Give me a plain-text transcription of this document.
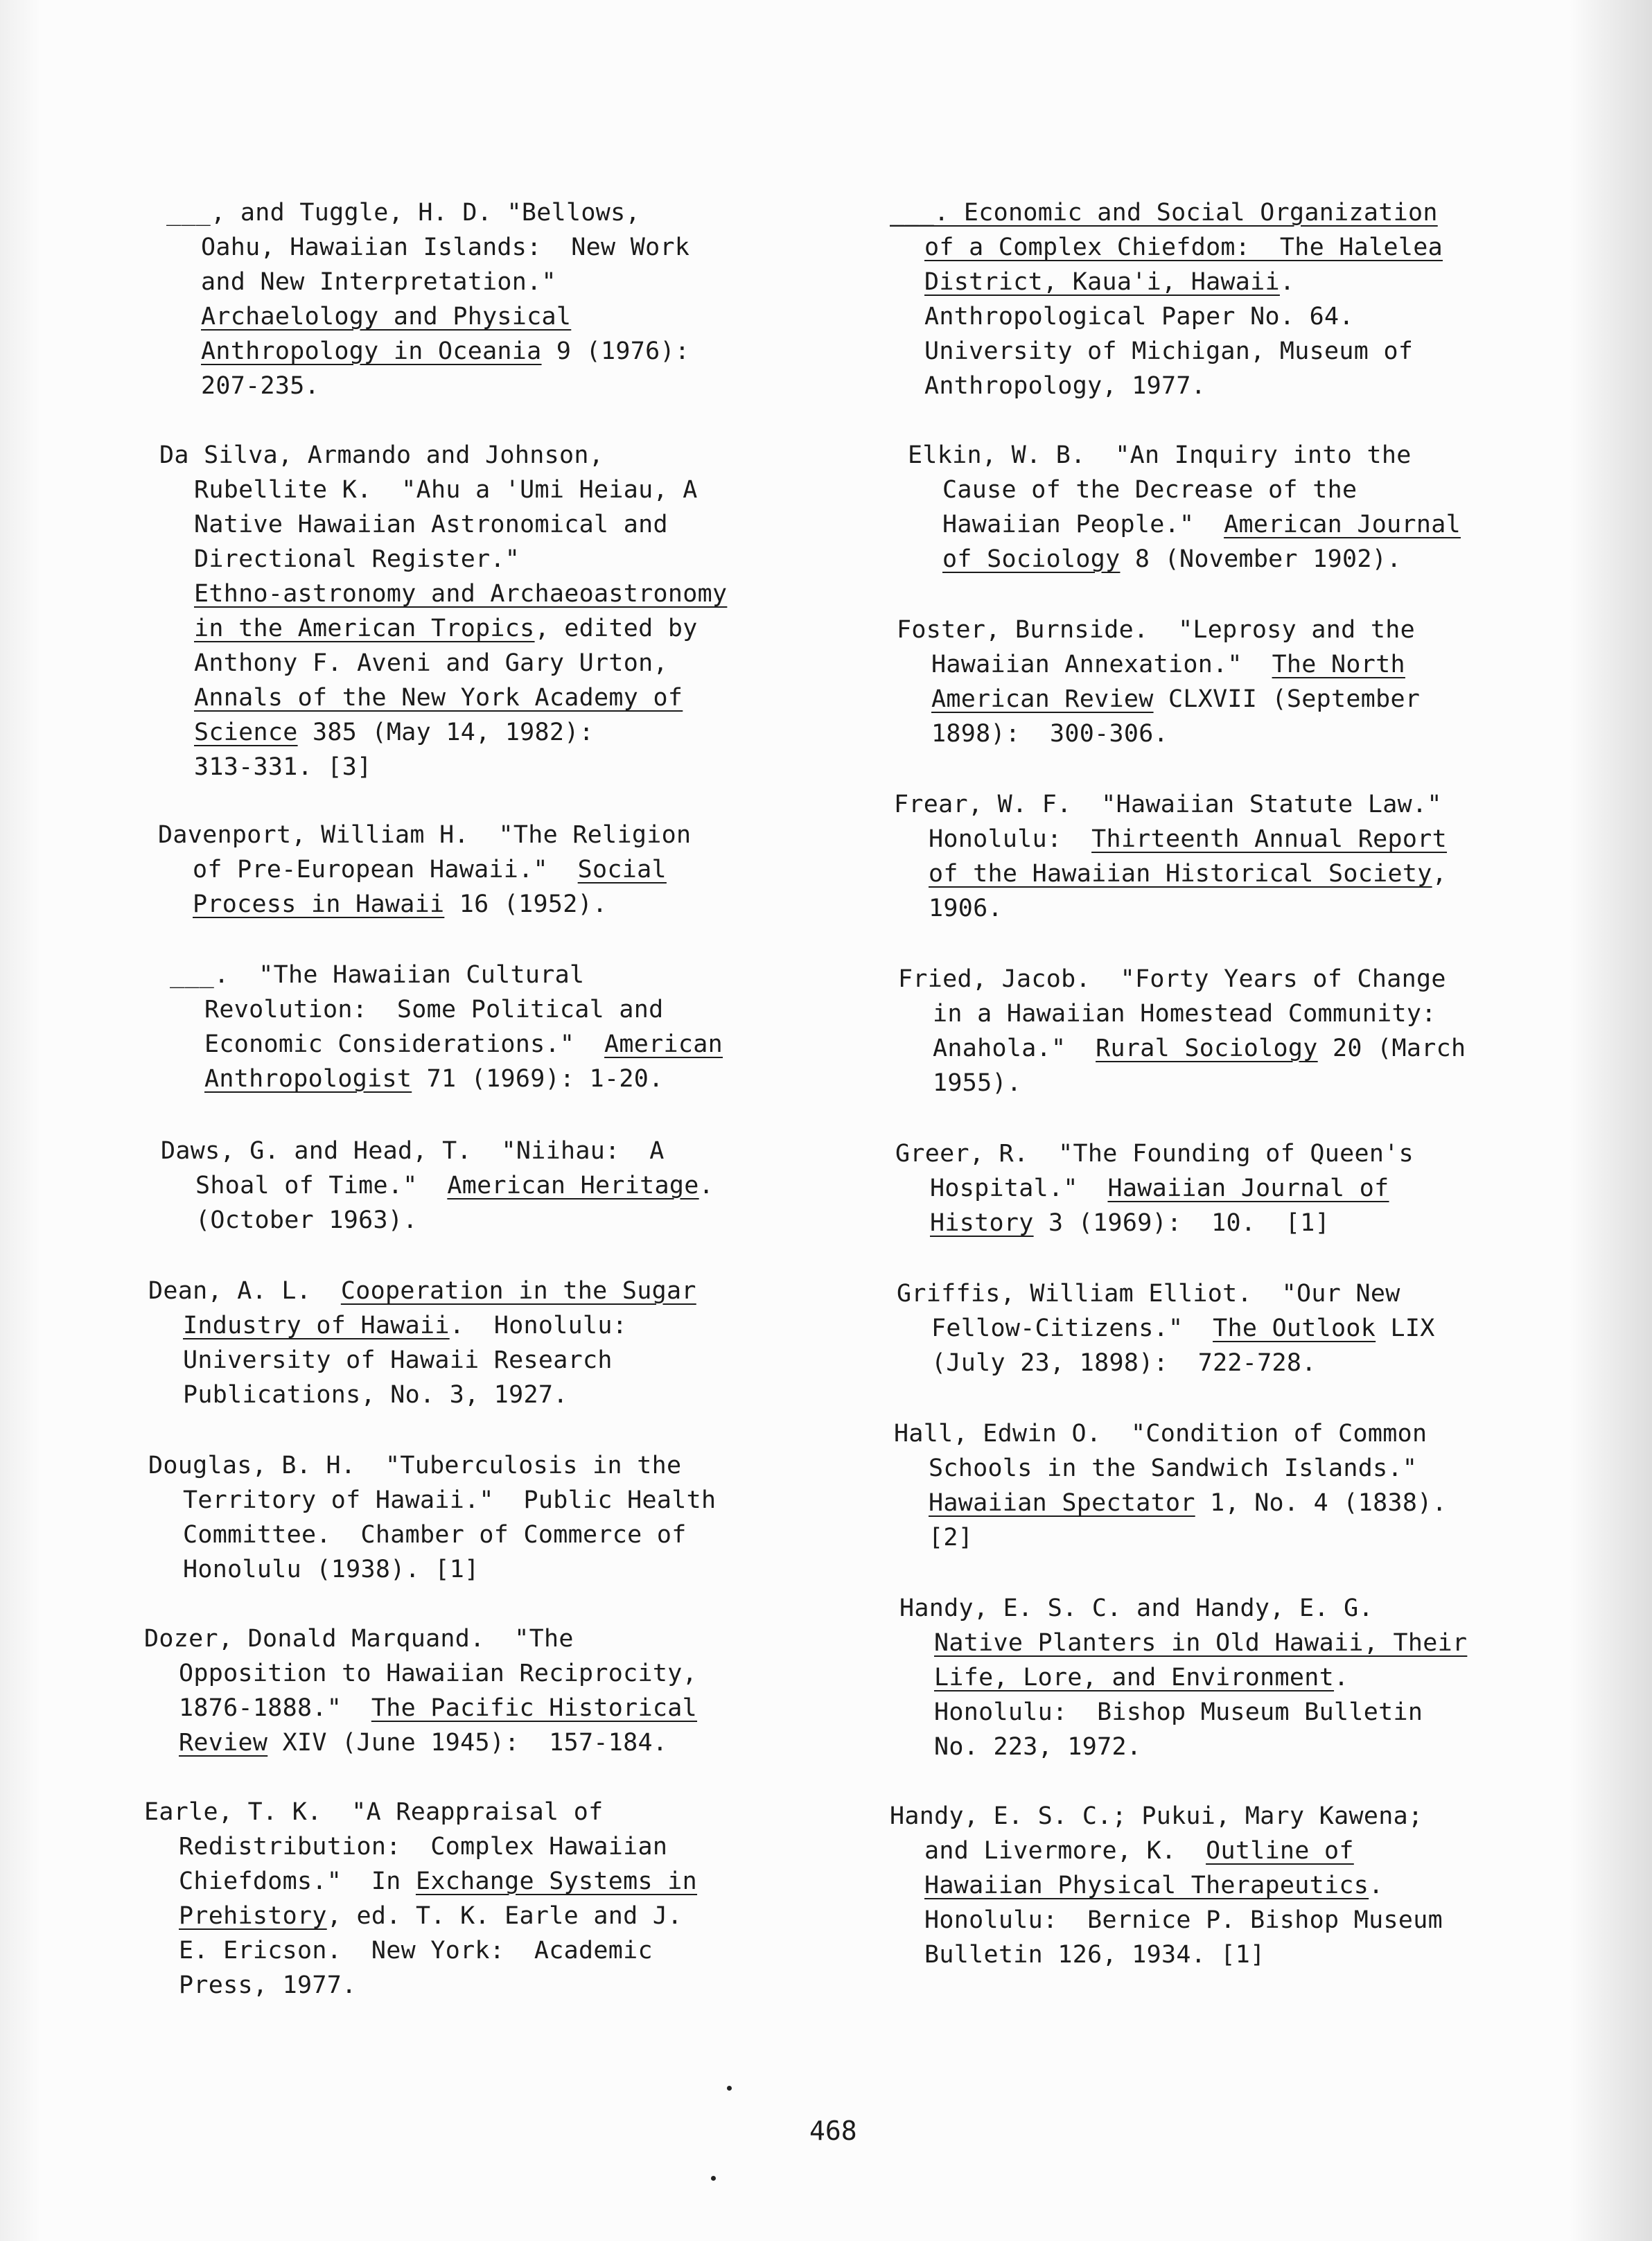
___, and Tuggle, H. D. "Bellows,
Oahu, Hawaiian Islands:  New Work
and New Interpretation."
Archaelology and Physical
Anthropology in Oceania 9 (1976):
207-235.
Da Silva, Armando and Johnson,
Rubellite K.  "Ahu a 'Umi Heiau, A
Native Hawaiian Astronomical and
Directional Register."
Ethno-astronomy and Archaeoastronomy
in the American Tropics, edited by
Anthony F. Aveni and Gary Urton,
Annals of the New York Academy of
Science 385 (May 14, 1982):
313-331. [3]
Davenport, William H.  "The Religion
of Pre-European Hawaii."  Social
Process in Hawaii 16 (1952).
___.  "The Hawaiian Cultural
Revolution:  Some Political and
Economic Considerations."  American
Anthropologist 71 (1969): 1-20.
Daws, G. and Head, T.  "Niihau:  A
Shoal of Time."  American Heritage.
(October 1963).
Dean, A. L.  Cooperation in the Sugar
Industry of Hawaii.  Honolulu:
University of Hawaii Research
Publications, No. 3, 1927.
Douglas, B. H.  "Tuberculosis in the
Territory of Hawaii."  Public Health
Committee.  Chamber of Commerce of
Honolulu (1938). [1]
Dozer, Donald Marquand.  "The
Opposition to Hawaiian Reciprocity,
1876-1888."  The Pacific Historical
Review XIV (June 1945):  157-184.
Earle, T. K.  "A Reappraisal of
Redistribution:  Complex Hawaiian
Chiefdoms."  In Exchange Systems in
Prehistory, ed. T. K. Earle and J.
E. Ericson.  New York:  Academic
Press, 1977.
___. Economic and Social Organization
of a Complex Chiefdom:  The Halelea
District, Kaua'i, Hawaii.
Anthropological Paper No. 64.
University of Michigan, Museum of
Anthropology, 1977.
Elkin, W. B.  "An Inquiry into the
Cause of the Decrease of the
Hawaiian People."  American Journal
of Sociology 8 (November 1902).
Foster, Burnside.  "Leprosy and the
Hawaiian Annexation."  The North
American Review CLXVII (September
1898):  300-306.
Frear, W. F.  "Hawaiian Statute Law."
Honolulu:  Thirteenth Annual Report
of the Hawaiian Historical Society,
1906.
Fried, Jacob.  "Forty Years of Change
in a Hawaiian Homestead Community:
Anahola."  Rural Sociology 20 (March
1955).
Greer, R.  "The Founding of Queen's
Hospital."  Hawaiian Journal of
History 3 (1969):  10.  [1]
Griffis, William Elliot.  "Our New
Fellow-Citizens."  The Outlook LIX
(July 23, 1898):  722-728.
Hall, Edwin O.  "Condition of Common
Schools in the Sandwich Islands."
Hawaiian Spectator 1, No. 4 (1838).
[2]
Handy, E. S. C. and Handy, E. G.
Native Planters in Old Hawaii, Their
Life, Lore, and Environment.
Honolulu:  Bishop Museum Bulletin
No. 223, 1972.
Handy, E. S. C.; Pukui, Mary Kawena;
and Livermore, K.  Outline of
Hawaiian Physical Therapeutics.
Honolulu:  Bernice P. Bishop Museum
Bulletin 126, 1934. [1]
468
